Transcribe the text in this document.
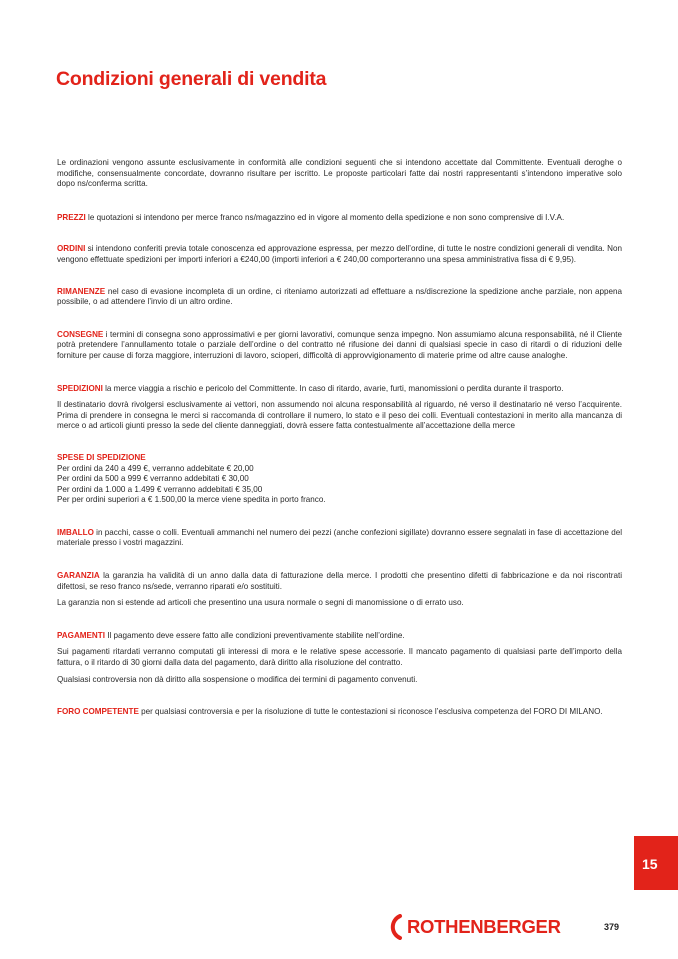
Condizioni generali di vendita

Le ordinazioni vengono assunte esclusivamente in conformità alle condizioni seguenti che si intendono accettate dal Committente. Eventuali deroghe o modifiche, consensualmente concordate, dovranno risultare per iscritto. Le proposte particolari fatte dai nostri rappresentanti s’intendono imperative solo dopo ns/conferma scritta.

PREZZI le quotazioni si intendono per merce franco ns/magazzino ed in vigore al momento della spedizione e non sono comprensive di I.V.A.

ORDINI si intendono conferiti previa totale conoscenza ed approvazione espressa, per mezzo dell’ordine, di tutte le nostre condizioni generali di vendita. Non vengono effettuate spedizioni per importi inferiori a €240,00 (importi inferiori a € 240,00 comporteranno una spesa amministrativa fissa di € 9,95).

RIMANENZE nel caso di evasione incompleta di un ordine, ci riteniamo autorizzati ad effettuare a ns/discrezione la spedizione anche parziale, non appena possibile, o ad attendere l’invio di un altro ordine.

CONSEGNE i termini di consegna sono approssimativi e per giorni lavorativi, comunque senza impegno. Non assumiamo alcuna responsabilità, né il Cliente potrà pretendere l’annullamento totale o parziale dell’ordine o del contratto né rifusione dei danni di qualsiasi specie in caso di ritardi o di riduzioni delle forniture per cause di forza maggiore, interruzioni di lavoro, scioperi, difficoltà di approvvigionamento di materie prime od altre cause analoghe.

SPEDIZIONI la merce viaggia a rischio e pericolo del Committente. In caso di ritardo, avarie, furti, manomissioni o perdita durante il trasporto.

Il destinatario dovrà rivolgersi esclusivamente ai vettori, non assumendo noi alcuna responsabilità al riguardo, né verso il destinatario né verso l’acquirente. Prima di prendere in consegna le merci si raccomanda di controllare il numero, lo stato e il peso dei colli. Eventuali contestazioni in merito alla mancanza di merce o ad articoli giunti presso la sede del cliente danneggiati, dovrà essere fatta contestualmente all’accettazione della merce

SPESE DI SPEDIZIONE
Per ordini da 240 a 499 €, verranno addebitate € 20,00
Per ordini da 500 a 999 € verranno addebitati € 30,00
Per ordini da 1.000 a 1.499 € verranno addebitati € 35,00
Per per ordini superiori a € 1.500,00 la merce viene spedita in porto franco.

IMBALLO in pacchi, casse o colli. Eventuali ammanchi nel numero dei pezzi (anche confezioni sigillate) dovranno essere segnalati in fase di accettazione del materiale presso i vostri magazzini.

GARANZIA la garanzia ha validità di un anno dalla data di fatturazione della merce. I prodotti che presentino difetti di fabbricazione e da noi riscontrati difettosi, se reso franco ns/sede, verranno riparati e/o sostituiti.

La garanzia non si estende ad articoli che presentino una usura normale o segni di manomissione o di errato uso.

PAGAMENTI Il pagamento deve essere fatto alle condizioni preventivamente stabilite nell’ordine.

Sui pagamenti ritardati verranno computati gli interessi di mora e le relative spese accessorie. Il mancato pagamento di qualsiasi parte dell’importo della fattura, o il ritardo di 30 giorni dalla data del pagamento, darà diritto alla risoluzione del contratto.

Qualsiasi controversia non dà diritto alla sospensione o modifica dei termini di pagamento convenuti.

FORO COMPETENTE per qualsiasi controversia e per la risoluzione di tutte le contestazioni si riconosce l’esclusiva competenza del FORO DI MILANO.

15
ROTHENBERGER	379
